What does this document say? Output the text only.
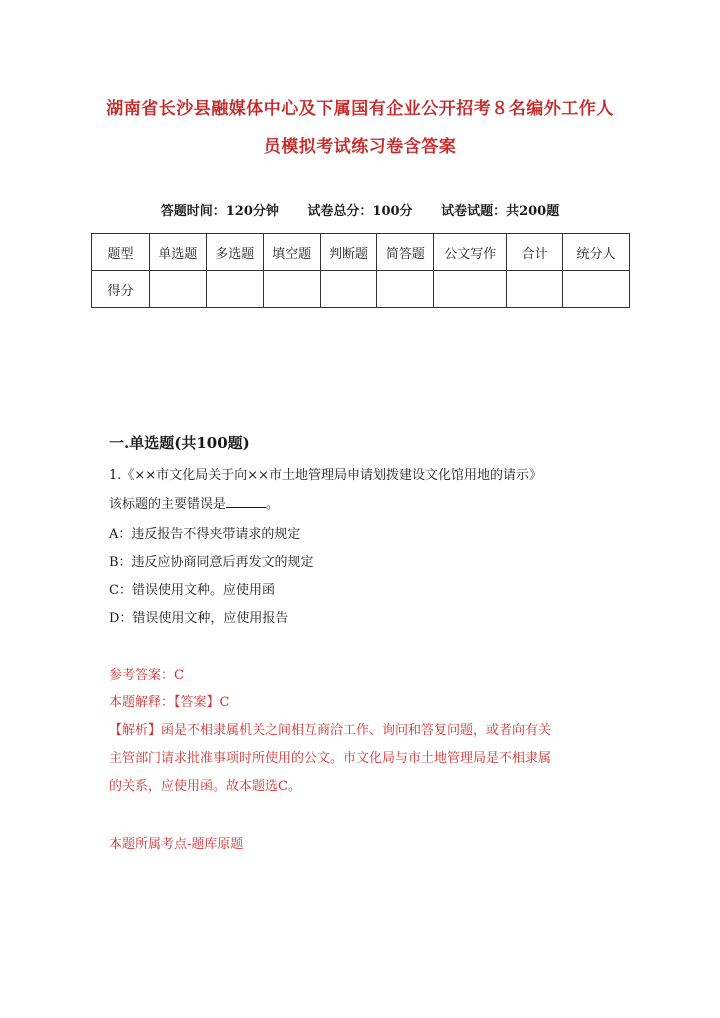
湖南省长沙县融媒体中心及下属国有企业公开招考８名编外工作人
员模拟考试练习卷含答案
答题时间：120分钟 试卷总分：100分 试卷试题：共200题
题型	单选题	多选题	填空题	判断题	简答题	公文写作	合计	统分人
得分								
一.单选题(共100题)
1.《××市文化局关于向××市土地管理局申请划拨建设文化馆用地的请示》
该标题的主要错误是	。
A：违反报告不得夹带请求的规定
B：违反应协商同意后再发文的规定
C：错误使用文种。应使用函
D：错误使用文种，应使用报告
参考答案：C
本题解释：【答案】C
【解析】函是不相隶属机关之间相互商洽工作、询问和答复问题，或者向有关
主管部门请求批准事项时所使用的公文。市文化局与市土地管理局是不相隶属
的关系，应使用函。故本题选C。
本题所属考点-题库原题
